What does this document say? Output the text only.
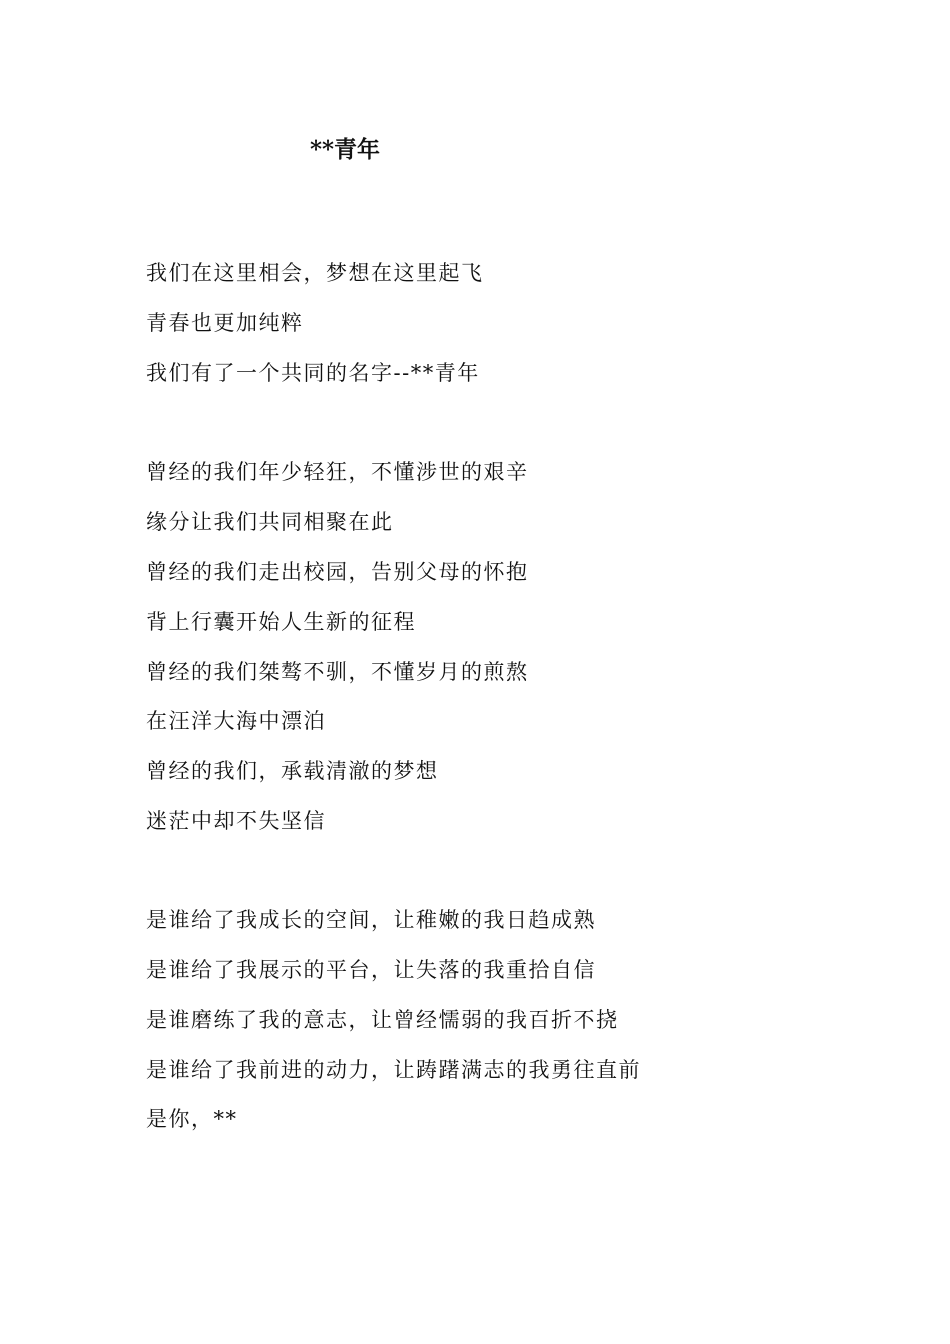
**青年
我们在这里相会，梦想在这里起飞
青春也更加纯粹
我们有了一个共同的名字--**青年
曾经的我们年少轻狂，不懂涉世的艰辛
缘分让我们共同相聚在此
曾经的我们走出校园，告别父母的怀抱
背上行囊开始人生新的征程
曾经的我们桀骜不驯，不懂岁月的煎熬
在汪洋大海中漂泊
曾经的我们，承载清澈的梦想
迷茫中却不失坚信
是谁给了我成长的空间，让稚嫩的我日趋成熟
是谁给了我展示的平台，让失落的我重拾自信
是谁磨练了我的意志，让曾经懦弱的我百折不挠
是谁给了我前进的动力，让踌躇满志的我勇往直前
是你，**
